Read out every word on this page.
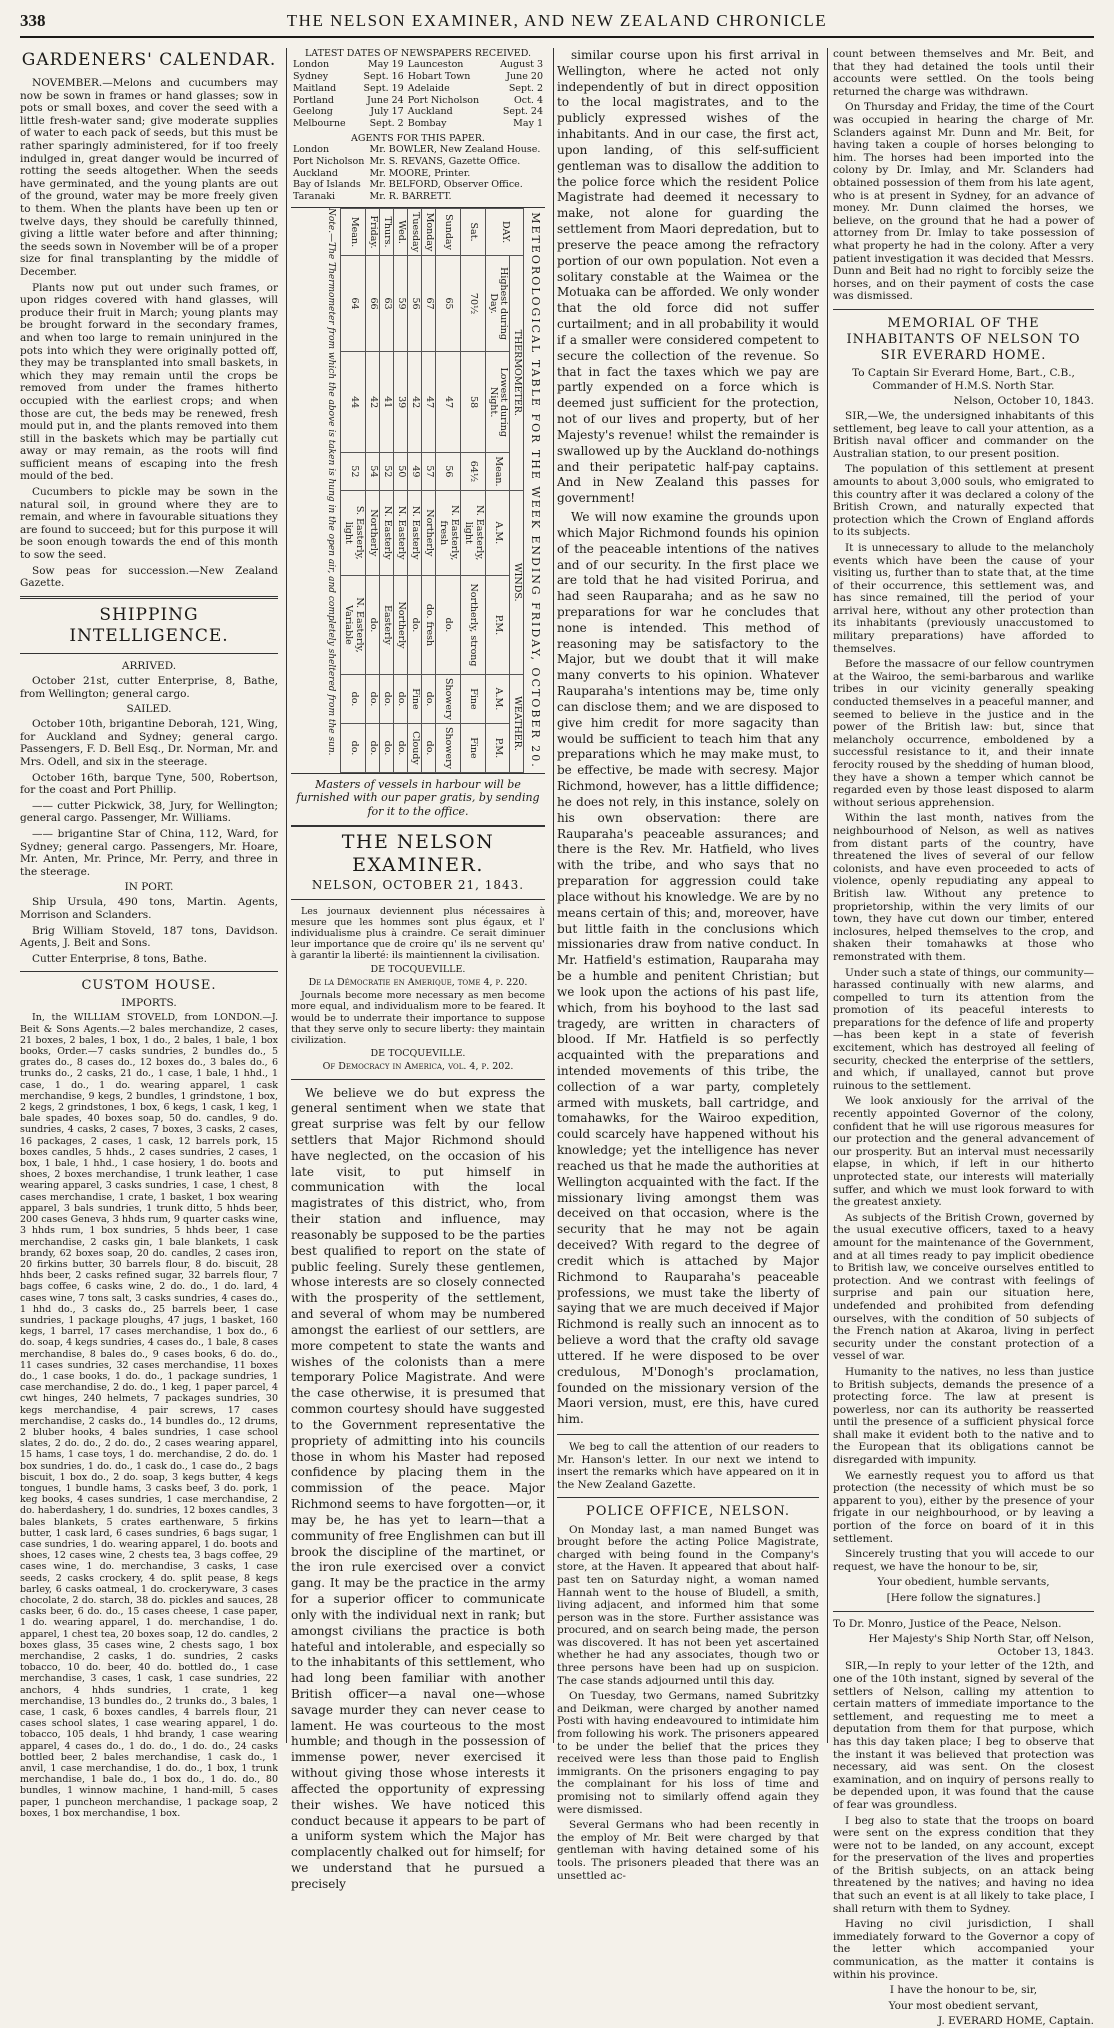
338	THE NELSON EXAMINER, AND NEW ZEALAND CHRONICLE
GARDENERS' CALENDAR.

NOVEMBER.—Melons and cucumbers may now be sown in frames or hand glasses; sow in pots or small boxes, and cover the seed with a little fresh-water sand; give moderate supplies of water to each pack of seeds, but this must be rather sparingly administered, for if too freely indulged in, great danger would be incurred of rotting the seeds altogether. When the seeds have germinated, and the young plants are out of the ground, water may be more freely given to them. When the plants have been up ten or twelve days, they should be carefully thinned, giving a little water before and after thinning; the seeds sown in November will be of a proper size for final transplanting by the middle of December.

Plants now put out under such frames, or upon ridges covered with hand glasses, will produce their fruit in March; young plants may be brought forward in the secondary frames, and when too large to remain uninjured in the pots into which they were originally potted off, they may be transplanted into small baskets, in which they may remain until the crops be removed from under the frames hitherto occupied with the earliest crops; and when those are cut, the beds may be renewed, fresh mould put in, and the plants removed into them still in the baskets which may be partially cut away or may remain, as the roots will find sufficient means of escaping into the fresh mould of the bed.

Cucumbers to pickle may be sown in the natural soil, in ground where they are to remain, and where in favourable situations they are found to succeed; but for this purpose it will be soon enough towards the end of this month to sow the seed.

Sow peas for succession.—New Zealand Gazette.

SHIPPING INTELLIGENCE.
ARRIVED.

October 21st, cutter Enterprise, 8, Bathe, from Wellington; general cargo.

SAILED.

October 10th, brigantine Deborah, 121, Wing, for Auckland and Sydney; general cargo. Passengers, F. D. Bell Esq., Dr. Norman, Mr. and Mrs. Odell, and six in the steerage.

October 16th, barque Tyne, 500, Robertson, for the coast and Port Phillip.

—— cutter Pickwick, 38, Jury, for Wellington; general cargo. Passenger, Mr. Williams.

—— brigantine Star of China, 112, Ward, for Sydney; general cargo. Passengers, Mr. Hoare, Mr. Anten, Mr. Prince, Mr. Perry, and three in the steerage.

IN PORT.

Ship Ursula, 490 tons, Martin. Agents, Morrison and Sclanders.

Brig William Stoveld, 187 tons, Davidson. Agents, J. Beit and Sons.

Cutter Enterprise, 8 tons, Bathe.

CUSTOM HOUSE.
IMPORTS.

In, the WILLIAM STOVELD, from LONDON.—J. Beit & Sons Agents.—2 bales merchandize, 2 cases, 21 boxes, 2 bales, 1 box, 1 do., 2 bales, 1 bale, 1 box books, Order.—7 casks sundries, 2 bundles do., 5 grates do., 8 cases do., 12 boxes do., 3 bales do., 6 trunks do., 2 casks, 21 do., 1 case, 1 bale, 1 hhd., 1 case, 1 do., 1 do. wearing apparel, 1 cask merchandise, 9 kegs, 2 bundles, 1 grindstone, 1 box, 2 kegs, 2 grindstones, 1 box, 6 kegs, 1 cask, 1 keg, 1 bale spades, 40 boxes soap, 50 do. candles, 9 do. sundries, 4 casks, 2 cases, 7 boxes, 3 casks, 2 cases, 16 packages, 2 cases, 1 cask, 12 barrels pork, 15 boxes candles, 5 hhds., 2 cases sundries, 2 cases, 1 box, 1 bale, 1 hhd., 1 case hosiery, 1 do. boots and shoes, 2 boxes merchandise, 1 trunk leather, 1 case wearing apparel, 3 casks sundries, 1 case, 1 chest, 8 cases merchandise, 1 crate, 1 basket, 1 box wearing apparel, 3 bals sundries, 1 trunk ditto, 5 hhds beer, 200 cases Geneva, 3 hhds rum, 9 quarter casks wine, 3 hhds rum, 1 box sundries, 5 hhds beer, 1 case merchandise, 2 casks gin, 1 bale blankets, 1 cask brandy, 62 boxes soap, 20 do. candles, 2 cases iron, 20 firkins butter, 30 barrels flour, 8 do. biscuit, 28 hhds beer, 2 casks refined sugar, 32 barrels flour, 7 bags coffee, 6 casks wine, 2 do. do., 1 do. lard, 4 cases wine, 7 tons salt, 3 casks sundries, 4 cases do., 1 hhd do., 3 casks do., 25 barrels beer, 1 case sundries, 1 package ploughs, 47 jugs, 1 basket, 160 kegs, 1 barrel, 17 cases merchandise, 1 box do., 6 do. soap, 4 kegs sundries, 4 cases do., 1 bale, 8 cases merchandise, 8 bales do., 9 cases books, 6 do. do., 11 cases sundries, 32 cases merchandise, 11 boxes do., 1 case books, 1 do. do., 1 package sundries, 1 case merchandise, 2 do. do., 1 keg, 1 paper parcel, 4 cwt hinges, 240 helmets, 7 packages sundries, 30 kegs merchandise, 4 pair screws, 17 cases merchandise, 2 casks do., 14 bundles do., 12 drums, 2 bluber hooks, 4 bales sundries, 1 case school slates, 2 do. do., 2 do. do., 2 cases wearing apparel, 15 hams, 1 case toys, 1 do. merchandise, 2 do. do. 1 box sundries, 1 do. do., 1 cask do., 1 case do., 2 bags biscuit, 1 box do., 2 do. soap, 3 kegs butter, 4 kegs tongues, 1 bundle hams, 3 casks beef, 3 do. pork, 1 keg books, 4 cases sundries, 1 case merchandise, 2 do. haberdashery, 1 do. sundries, 12 boxes candles, 3 bales blankets, 5 crates earthenware, 5 firkins butter, 1 cask lard, 6 cases sundries, 6 bags sugar, 1 case sundries, 1 do. wearing apparel, 1 do. boots and shoes, 12 cases wine, 2 chests tea, 3 bags coffee, 29 cases wine, 1 do. merchandise, 3 casks, 1 case seeds, 2 casks crockery, 4 do. split pease, 8 kegs barley, 6 casks oatmeal, 1 do. crockeryware, 3 cases chocolate, 2 do. starch, 38 do. pickles and sauces, 28 casks beer, 6 do. do., 15 cases cheese, 1 case paper, 1 do. wearing apparel, 1 do. merchandise, 1 do. apparel, 1 chest tea, 20 boxes soap, 12 do. candles, 2 boxes glass, 35 cases wine, 2 chests sago, 1 box merchandise, 2 casks, 1 do. sundries, 2 casks tobacco, 10 do. beer, 40 do. bottled do., 1 case merchandise, 3 cases, 1 cask, 1 case sundries, 22 anchors, 4 hhds sundries, 1 crate, 1 keg merchandise, 13 bundles do., 2 trunks do., 3 bales, 1 case, 1 cask, 6 boxes candles, 4 barrels flour, 21 cases school slates, 1 case wearing apparel, 1 do. tobacco, 105 deals, 1 hhd brandy, 1 case wearing apparel, 4 cases do., 1 do. do., 1 do. do., 24 casks bottled beer, 2 bales merchandise, 1 cask do., 1 anvil, 1 case merchandise, 1 do. do., 1 box, 1 trunk merchandise, 1 bale do., 1 box do., 1 do. do., 80 bundles, 1 winnow machine, 1 hand-mill, 5 cases paper, 1 puncheon merchandise, 1 package soap, 2 boxes, 1 box merchandise, 1 box.

LATEST DATES OF NEWSPAPERS RECEIVED.
London	May 19	Launceston	August 3
Sydney	Sept. 16	Hobart Town	June 20
Maitland	Sept. 19	Adelaide	Sept. 2
Portland	June 24	Port Nicholson	Oct. 4
Geelong	July 17	Auckland	Sept. 24
Melbourne	Sept. 2	Bombay	May 1
AGENTS FOR THIS PAPER.
London	Mr. BOWLER, New Zealand House.
Port Nicholson	Mr. S. REVANS, Gazette Office.
Auckland	Mr. MOORE, Printer.
Bay of Islands	Mr. BELFORD, Observer Office.
Taranaki	Mr. R. BARRETT.
METEOROLOGICAL TABLE FOR THE WEEK ENDING FRIDAY, OCTOBER 20.
DAY.	THERMOMETER.			WINDS.		WEATHER.	
	Highest during Day.	Lowest during Night.	Mean.	A.M.	P.M.	A.M.	P.M.
Sat.	70½	58	64½	N. Easterly, light	Northerly, strong	Fine	Fine
Sunday	65	47	56	N. Easterly, fresh	do.	Showery	Showery
Monday	67	47	57	Northerly	do. fresh	do.	do.
Tuesday	56	42	49	N. Easterly	do.	Fine	Cloudy
Wed.	59	39	50	N. Easterly	Northerly	do.	do.
Thurs.	63	41	52	N. Easterly	Easterly	do.	do.
Friday.	66	42	54	Northerly	do.	do.	do.
Mean.	64	44	52	S. Easterly, light	N. Easterly, Variable	do.	do.
Note.—The Thermometer from which the above is taken is hung in the open air, and completely sheltered from the sun.

Masters of vessels in harbour will be furnished with our paper gratis, by sending for it to the office.

THE NELSON EXAMINER.
NELSON, OCTOBER 21, 1843.

Les journaux deviennent plus nécessaires à mesure que les hommes sont plus égaux, et l' individualisme plus à craindre. Ce serait diminuer leur importance que de croire qu' ils ne servent qu' à garantir la liberté: ils maintiennent la civilisation.

DE TOCQUEVILLE.

De la Démocratie en Amerique, tome 4, p. 220.

Journals become more necessary as men become more equal, and individualism more to be feared. It would be to underrate their importance to suppose that they serve only to secure liberty: they maintain civilization.

DE TOCQUEVILLE.

Of Democracy in America, vol. 4, p. 202.

We believe we do but express the general sentiment when we state that great surprise was felt by our fellow settlers that Major Richmond should have neglected, on the occasion of his late visit, to put himself in communication with the local magistrates of this district, who, from their station and influence, may reasonably be supposed to be the parties best qualified to report on the state of public feeling. Surely these gentlemen, whose interests are so closely connected with the prosperity of the settlement, and several of whom may be numbered amongst the earliest of our settlers, are more competent to state the wants and wishes of the colonists than a mere temporary Police Magistrate. And were the case otherwise, it is presumed that common courtesy should have suggested to the Government representative the propriety of admitting into his councils those in whom his Master had reposed confidence by placing them in the commission of the peace. Major Richmond seems to have forgotten—or, it may be, he has yet to learn—that a community of free Englishmen can but ill brook the discipline of the martinet, or the iron rule exercised over a convict gang. It may be the practice in the army for a superior officer to communicate only with the individual next in rank; but amongst civilians the practice is both hateful and intolerable, and especially so to the inhabitants of this settlement, who had long been familiar with another British officer—a naval one—whose savage murder they can never cease to lament. He was courteous to the most humble; and though in the possession of immense power, never exercised it without giving those whose interests it affected the opportunity of expressing their wishes. We have noticed this conduct because it appears to be part of a uniform system which the Major has complacently chalked out for himself; for we understand that he pursued a precisely

similar course upon his first arrival in Wellington, where he acted not only independently of but in direct opposition to the local magistrates, and to the publicly expressed wishes of the inhabitants. And in our case, the first act, upon landing, of this self-sufficient gentleman was to disallow the addition to the police force which the resident Police Magistrate had deemed it necessary to make, not alone for guarding the settlement from Maori depredation, but to preserve the peace among the refractory portion of our own population. Not even a solitary constable at the Waimea or the Motuaka can be afforded. We only wonder that the old force did not suffer curtailment; and in all probability it would if a smaller were considered competent to secure the collection of the revenue. So that in fact the taxes which we pay are partly expended on a force which is deemed just sufficient for the protection, not of our lives and property, but of her Majesty's revenue! whilst the remainder is swallowed up by the Auckland do-nothings and their peripatetic half-pay captains. And in New Zealand this passes for government!

We will now examine the grounds upon which Major Richmond founds his opinion of the peaceable intentions of the natives and of our security. In the first place we are told that he had visited Porirua, and had seen Rauparaha; and as he saw no preparations for war he concludes that none is intended. This method of reasoning may be satisfactory to the Major, but we doubt that it will make many converts to his opinion. Whatever Rauparaha's intentions may be, time only can disclose them; and we are disposed to give him credit for more sagacity than would be sufficient to teach him that any preparations which he may make must, to be effective, be made with secresy. Major Richmond, however, has a little diffidence; he does not rely, in this instance, solely on his own observation: there are Rauparaha's peaceable assurances; and there is the Rev. Mr. Hatfield, who lives with the tribe, and who says that no preparation for aggression could take place without his knowledge. We are by no means certain of this; and, moreover, have but little faith in the conclusions which missionaries draw from native conduct. In Mr. Hatfield's estimation, Rauparaha may be a humble and penitent Christian; but we look upon the actions of his past life, which, from his boyhood to the last sad tragedy, are written in characters of blood. If Mr. Hatfield is so perfectly acquainted with the preparations and intended movements of this tribe, the collection of a war party, completely armed with muskets, ball cartridge, and tomahawks, for the Wairoo expedition, could scarcely have happened without his knowledge; yet the intelligence has never reached us that he made the authorities at Wellington acquainted with the fact. If the missionary living amongst them was deceived on that occasion, where is the security that he may not be again deceived? With regard to the degree of credit which is attached by Major Richmond to Rauparaha's peaceable professions, we must take the liberty of saying that we are much deceived if Major Richmond is really such an innocent as to believe a word that the crafty old savage uttered. If he were disposed to be over credulous, M'Donogh's proclamation, founded on the missionary version of the Maori version, must, ere this, have cured him.

We beg to call the attention of our readers to Mr. Hanson's letter. In our next we intend to insert the remarks which have appeared on it in the New Zealand Gazette.

POLICE OFFICE, NELSON.

On Monday last, a man named Bunget was brought before the acting Police Magistrate, charged with being found in the Company's store, at the Haven. It appeared that about half-past ten on Saturday night, a woman named Hannah went to the house of Bludell, a smith, living adjacent, and informed him that some person was in the store. Further assistance was procured, and on search being made, the person was discovered. It has not been yet ascertained whether he had any associates, though two or three persons have been had up on suspicion. The case stands adjourned until this day.

On Tuesday, two Germans, named Subritzky and Deikman, were charged by another named Posti with having endeavoured to intimidate him from following his work. The prisoners appeared to be under the belief that the prices they received were less than those paid to English immigrants. On the prisoners engaging to pay the complainant for his loss of time and promising not to similarly offend again they were dismissed.

Several Germans who had been recently in the employ of Mr. Beit were charged by that gentleman with having detained some of his tools. The prisoners pleaded that there was an unsettled ac-

count between themselves and Mr. Beit, and that they had detained the tools until their accounts were settled. On the tools being returned the charge was withdrawn.

On Thursday and Friday, the time of the Court was occupied in hearing the charge of Mr. Sclanders against Mr. Dunn and Mr. Beit, for having taken a couple of horses belonging to him. The horses had been imported into the colony by Dr. Imlay, and Mr. Sclanders had obtained possession of them from his late agent, who is at present in Sydney, for an advance of money. Mr. Dunn claimed the horses, we believe, on the ground that he had a power of attorney from Dr. Imlay to take possession of what property he had in the colony. After a very patient investigation it was decided that Messrs. Dunn and Beit had no right to forcibly seize the horses, and on their payment of costs the case was dismissed.

MEMORIAL OF THE INHABITANTS OF NELSON TO SIR EVERARD HOME.

To Captain Sir Everard Home, Bart., C.B., Commander of H.M.S. North Star.

Nelson, October 10, 1843.

SIR,—We, the undersigned inhabitants of this settlement, beg leave to call your attention, as a British naval officer and commander on the Australian station, to our present position.

The population of this settlement at present amounts to about 3,000 souls, who emigrated to this country after it was declared a colony of the British Crown, and naturally expected that protection which the Crown of England affords to its subjects.

It is unnecessary to allude to the melancholy events which have been the cause of your visiting us, further than to state that, at the time of their occurrence, this settlement was, and has since remained, till the period of your arrival here, without any other protection than its inhabitants (previously unaccustomed to military preparations) have afforded to themselves.

Before the massacre of our fellow countrymen at the Wairoo, the semi-barbarous and warlike tribes in our vicinity generally speaking conducted themselves in a peaceful manner, and seemed to believe in the justice and in the power of the British law: but, since that melancholy occurrence, emboldened by a successful resistance to it, and their innate ferocity roused by the shedding of human blood, they have a shown a temper which cannot be regarded even by those least disposed to alarm without serious apprehension.

Within the last month, natives from the neighbourhood of Nelson, as well as natives from distant parts of the country, have threatened the lives of several of our fellow colonists, and have even proceeded to acts of violence, openly repudiating any appeal to British law. Without any pretence to proprietorship, within the very limits of our town, they have cut down our timber, entered inclosures, helped themselves to the crop, and shaken their tomahawks at those who remonstrated with them.

Under such a state of things, our community—harassed continually with new alarms, and compelled to turn its attention from the promotion of its peaceful interests to preparations for the defence of life and property—has been kept in a state of feverish excitement, which has destroyed all feeling of security, checked the enterprise of the settlers, and which, if unallayed, cannot but prove ruinous to the settlement.

We look anxiously for the arrival of the recently appointed Governor of the colony, confident that he will use rigorous measures for our protection and the general advancement of our prosperity. But an interval must necessarily elapse, in which, if left in our hitherto unprotected state, our interests will materially suffer, and which we must look forward to with the greatest anxiety.

As subjects of the British Crown, governed by the usual executive officers, taxed to a heavy amount for the maintenance of the Government, and at all times ready to pay implicit obedience to British law, we conceive ourselves entitled to protection. And we contrast with feelings of surprise and pain our situation here, undefended and prohibited from defending ourselves, with the condition of 50 subjects of the French nation at Akaroa, living in perfect security under the constant protection of a vessel of war.

Humanity to the natives, no less than justice to British subjects, demands the presence of a protecting force. The law at present is powerless, nor can its authority be reasserted until the presence of a sufficient physical force shall make it evident both to the native and to the European that its obligations cannot be disregarded with impunity.

We earnestly request you to afford us that protection (the necessity of which must be so apparent to you), either by the presence of your frigate in our neighbourhood, or by leaving a portion of the force on board of it in this settlement.

Sincerely trusting that you will accede to our request, we have the honour to be, sir,

Your obedient, humble servants,

[Here follow the signatures.]

To Dr. Monro, Justice of the Peace, Nelson.

Her Majesty's Ship North Star, off Nelson, October 13, 1843.

SIR,—In reply to your letter of the 12th, and one of the 10th instant, signed by several of the settlers of Nelson, calling my attention to certain matters of immediate importance to the settlement, and requesting me to meet a deputation from them for that purpose, which has this day taken place; I beg to observe that the instant it was believed that protection was necessary, aid was sent. On the closest examination, and on inquiry of persons really to be depended upon, it was found that the cause of fear was groundless.

I beg also to state that the troops on board were sent on the express condition that they were not to be landed, on any account, except for the preservation of the lives and properties of the British subjects, on an attack being threatened by the natives; and having no idea that such an event is at all likely to take place, I shall return with them to Sydney.

Having no civil jurisdiction, I shall immediately forward to the Governor a copy of the letter which accompanied your communication, as the matter it contains is within his province.

I have the honour to be, sir,

Your most obedient servant,

J. EVERARD HOME, Captain.
